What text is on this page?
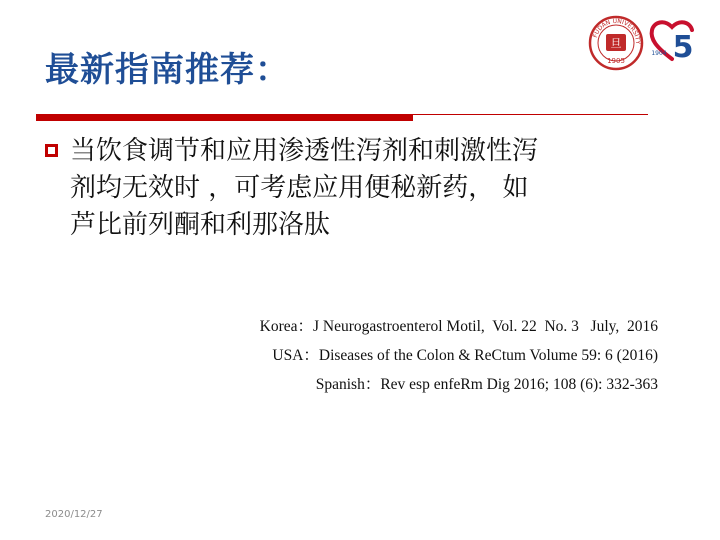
FUDAN UNIVERSITY
旦
1905 5
1904
最新指南推荐：
当饮食调节和应用渗透性泻剂和刺激性泻
剂均无效时 ，可考虑应用便秘新药， 如
芦比前列酮和利那洛肽
Korea：J Neurogastroenterol Motil,  Vol. 22  No. 3   July,  2016
USA：Diseases of the Colon & ReCtum Volume 59: 6 (2016)
Spanish：Rev esp enfeRm Dig 2016; 108 (6): 332-363
2020/12/27
